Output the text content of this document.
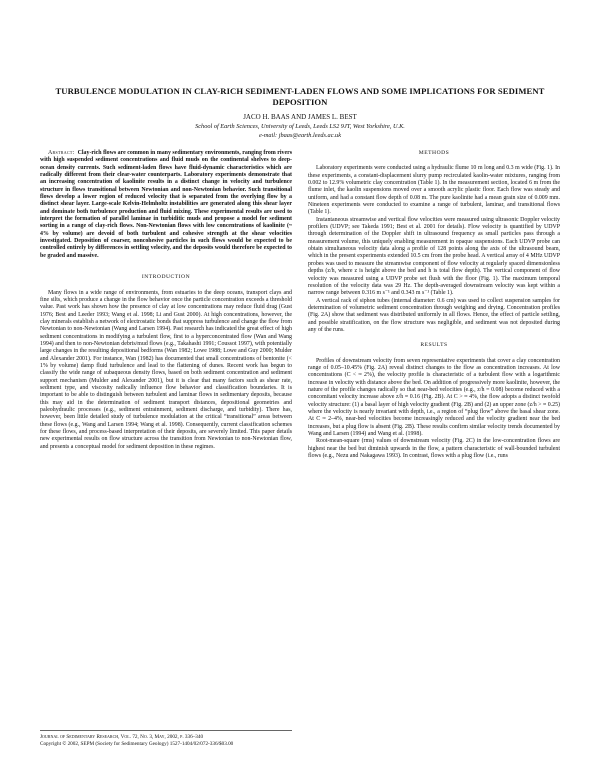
TURBULENCE MODULATION IN CLAY-RICH SEDIMENT-LADEN FLOWS AND SOME IMPLICATIONS FOR SEDIMENT DEPOSITION
JACO H. BAAS AND JAMES L. BEST
School of Earth Sciences, University of Leeds, Leeds LS2 9JT, West Yorkshire, U.K.
e-mail: jbaas@earth.leeds.ac.uk

Abstract: Clay-rich flows are common in many sedimentary environments, ranging from rivers with high suspended sediment concentrations and fluid muds on the continental shelves to deep-ocean density currents. Such sediment-laden flows have fluid-dynamic characteristics which are radically different from their clear-water counterparts. Laboratory experiments demonstrate that an increasing concentration of kaolinite results in a distinct change in velocity and turbulence structure in flows transitional between Newtonian and non-Newtonian behavior. Such transitional flows develop a lower region of reduced velocity that is separated from the overlying flow by a distinct shear layer. Large-scale Kelvin-Helmholtz instabilities are generated along this shear layer and dominate both turbulence production and fluid mixing. These experimental results are used to interpret the formation of parallel laminae in turbiditic muds and propose a model for sediment sorting in a range of clay-rich flows. Non-Newtonian flows with low concentrations of kaolinite (~ 4% by volume) are devoid of both turbulent and cohesive strength at the shear velocities investigated. Deposition of coarser, noncohesive particles in such flows would be expected to be controlled entirely by differences in settling velocity, and the deposits would therefore be expected to be graded and massive.

INTRODUCTION

Many flows in a wide range of environments, from estuaries to the deep oceans, transport clays and fine silts, which produce a change in the flow behavior once the particle concentration exceeds a threshold value. Past work has shown how the presence of clay at low concentrations may reduce fluid drag (Gust 1976; Best and Leeder 1993; Wang et al. 1998; Li and Gust 2000). At high concentrations, however, the clay minerals establish a network of electrostatic bonds that suppress turbulence and change the flow from Newtonian to non-Newtonian (Wang and Larsen 1994). Past research has indicated the great effect of high sediment concentrations in modifying a turbulent flow, first to a hyperconcentrated flow (Wan and Wang 1994) and then to non-Newtonian debris/mud flows (e.g., Takahashi 1991; Coussot 1997), with potentially large changes in the resulting depositional bedforms (Wan 1982; Lowe 1988; Lowe and Guy 2000; Mulder and Alexander 2001). For instance, Wan (1982) has documented that small concentrations of bentonite (< 1% by volume) damp fluid turbulence and lead to the flattening of dunes. Recent work has begun to classify the wide range of subaqueous density flows, based on both sediment concentration and sediment support mechanism (Mulder and Alexander 2001), but it is clear that many factors such as shear rate, sediment type, and viscosity radically influence flow behavior and classification boundaries. It is important to be able to distinguish between turbulent and laminar flows in sedimentary deposits, because this may aid in the determination of sediment transport distances, depositional geometries and paleohydraulic processes (e.g., sediment entrainment, sediment discharge, and turbidity). There has, however, been little detailed study of turbulence modulation at the critical “transitional” areas between these flows (e.g., Wang and Larsen 1994; Wang et al. 1998). Consequently, current classification schemes for these flows, and process-based interpretation of their deposits, are severely limited. This paper details new experimental results on flow structure across the transition from Newtonian to non-Newtonian flow, and presents a conceptual model for sediment deposition in these regimes.

METHODS

Laboratory experiments were conducted using a hydraulic flume 10 m long and 0.3 m wide (Fig. 1). In these experiments, a constant-displacement slurry pump recirculated kaolin-water mixtures, ranging from 0.002 to 12.9% volumetric clay concentration (Table 1). In the measurement section, located 6 m from the flume inlet, the kaolin suspensions moved over a smooth acrylic plastic floor. Each flow was steady and uniform, and had a constant flow depth of 0.08 m. The pure kaolinite had a mean grain size of 0.009 mm. Nineteen experiments were conducted to examine a range of turbulent, laminar, and transitional flows (Table 1).

Instantaneous streamwise and vertical flow velocities were measured using ultrasonic Doppler velocity profilers (UDVP; see Takeda 1991; Best et al. 2001 for details). Flow velocity is quantified by UDVP through determination of the Doppler shift in ultrasound frequency as small particles pass through a measurement volume, this uniquely enabling measurement in opaque suspensions. Each UDVP probe can obtain simultaneous velocity data along a profile of 128 points along the axis of the ultrasound beam, which in the present experiments extended 10.5 cm from the probe head. A vertical array of 4 MHz UDVP probes was used to measure the streamwise component of flow velocity at regularly spaced dimensionless depths (z/h, where z is height above the bed and h is total flow depth). The vertical component of flow velocity was measured using a UDVP probe set flush with the floor (Fig. 1). The maximum temporal resolution of the velocity data was 29 Hz. The depth-averaged downstream velocity was kept within a narrow range between 0.316 m s⁻¹ and 0.343 m s⁻¹ (Table 1).

A vertical rack of siphon tubes (internal diameter: 0.6 cm) was used to collect suspension samples for determination of volumetric sediment concentration through weighing and drying. Concentration profiles (Fig. 2A) show that sediment was distributed uniformly in all flows. Hence, the effect of particle settling, and possible stratification, on the flow structure was negligible, and sediment was not deposited during any of the runs.

RESULTS

Profiles of downstream velocity from seven representative experiments that cover a clay concentration range of 0.05–10.45% (Fig. 2A) reveal distinct changes to the flow as concentration increases. At low concentrations (C < ≈ 2%), the velocity profile is characteristic of a turbulent flow with a logarithmic increase in velocity with distance above the bed. On addition of progressively more kaolinite, however, the nature of the profile changes radically so that near-bed velocities (e.g., z/h = 0.08) become reduced with a concomitant velocity increase above z/h ≈ 0.16 (Fig. 2B). At C > ≈ 4%, the flow adopts a distinct twofold velocity structure: (1) a basal layer of high velocity gradient (Fig. 2B) and (2) an upper zone (z/h > ≈ 0.25) where the velocity is nearly invariant with depth, i.e., a region of “plug flow” above the basal shear zone. At C ≈ 2–4%, near-bed velocities become increasingly reduced and the velocity gradient near the bed increases, but a plug flow is absent (Fig. 2B). These results confirm similar velocity trends documented by Wang and Larsen (1994) and Wang et al. (1998).

Root-mean-square (rms) values of downstream velocity (Fig. 2C) in the low-concentration flows are highest near the bed but diminish upwards in the flow, a pattern characteristic of wall-bounded turbulent flows (e.g., Nezu and Nakagawa 1993). In contrast, flows with a plug flow (i.e., runs

Journal of Sedimentary Research, Vol. 72, No. 3, May, 2002, p. 336–340
Copyright © 2002, SEPM (Society for Sedimentary Geology) 1527-1404/02/072-336/$03.00
